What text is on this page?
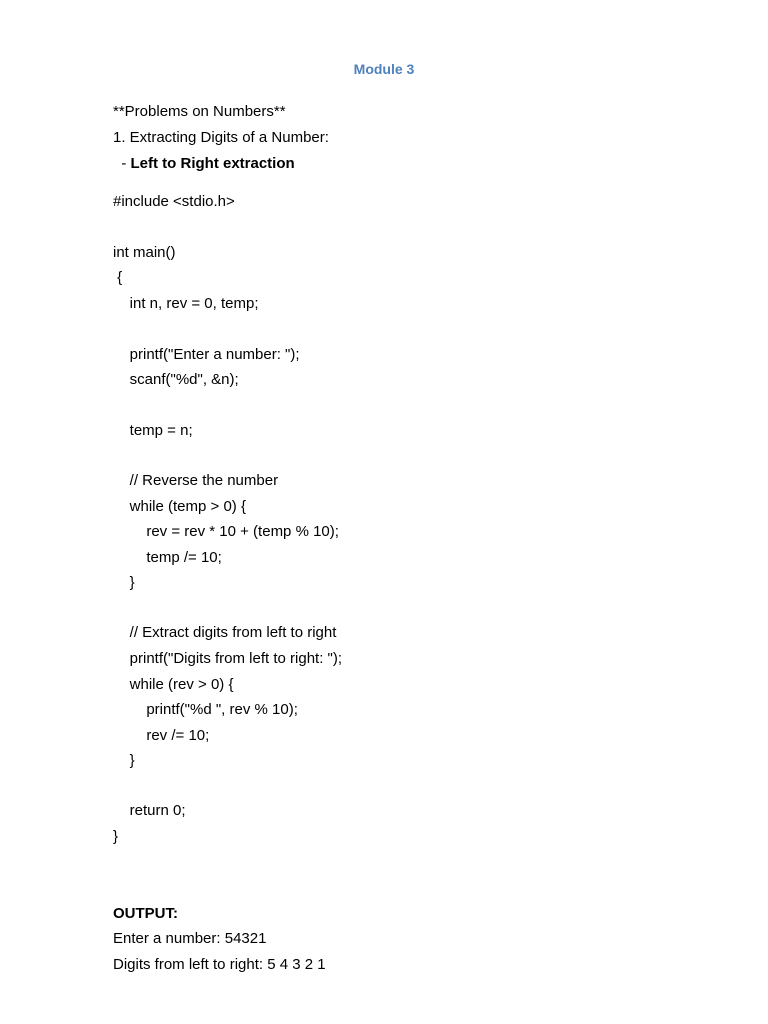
Module 3
**Problems on Numbers**
1. Extracting Digits of a Number:
- Left to Right extraction
#include <stdio.h>
int main()
{
int n, rev = 0, temp;
printf("Enter a number: ");
scanf("%d", &n);
temp = n;
// Reverse the number
while (temp > 0) {
rev = rev * 10 + (temp % 10);
temp /= 10;
}
// Extract digits from left to right
printf("Digits from left to right: ");
while (rev > 0) {
printf("%d ", rev % 10);
rev /= 10;
}
return 0;
}
OUTPUT:
Enter a number: 54321
Digits from left to right: 5 4 3 2 1
